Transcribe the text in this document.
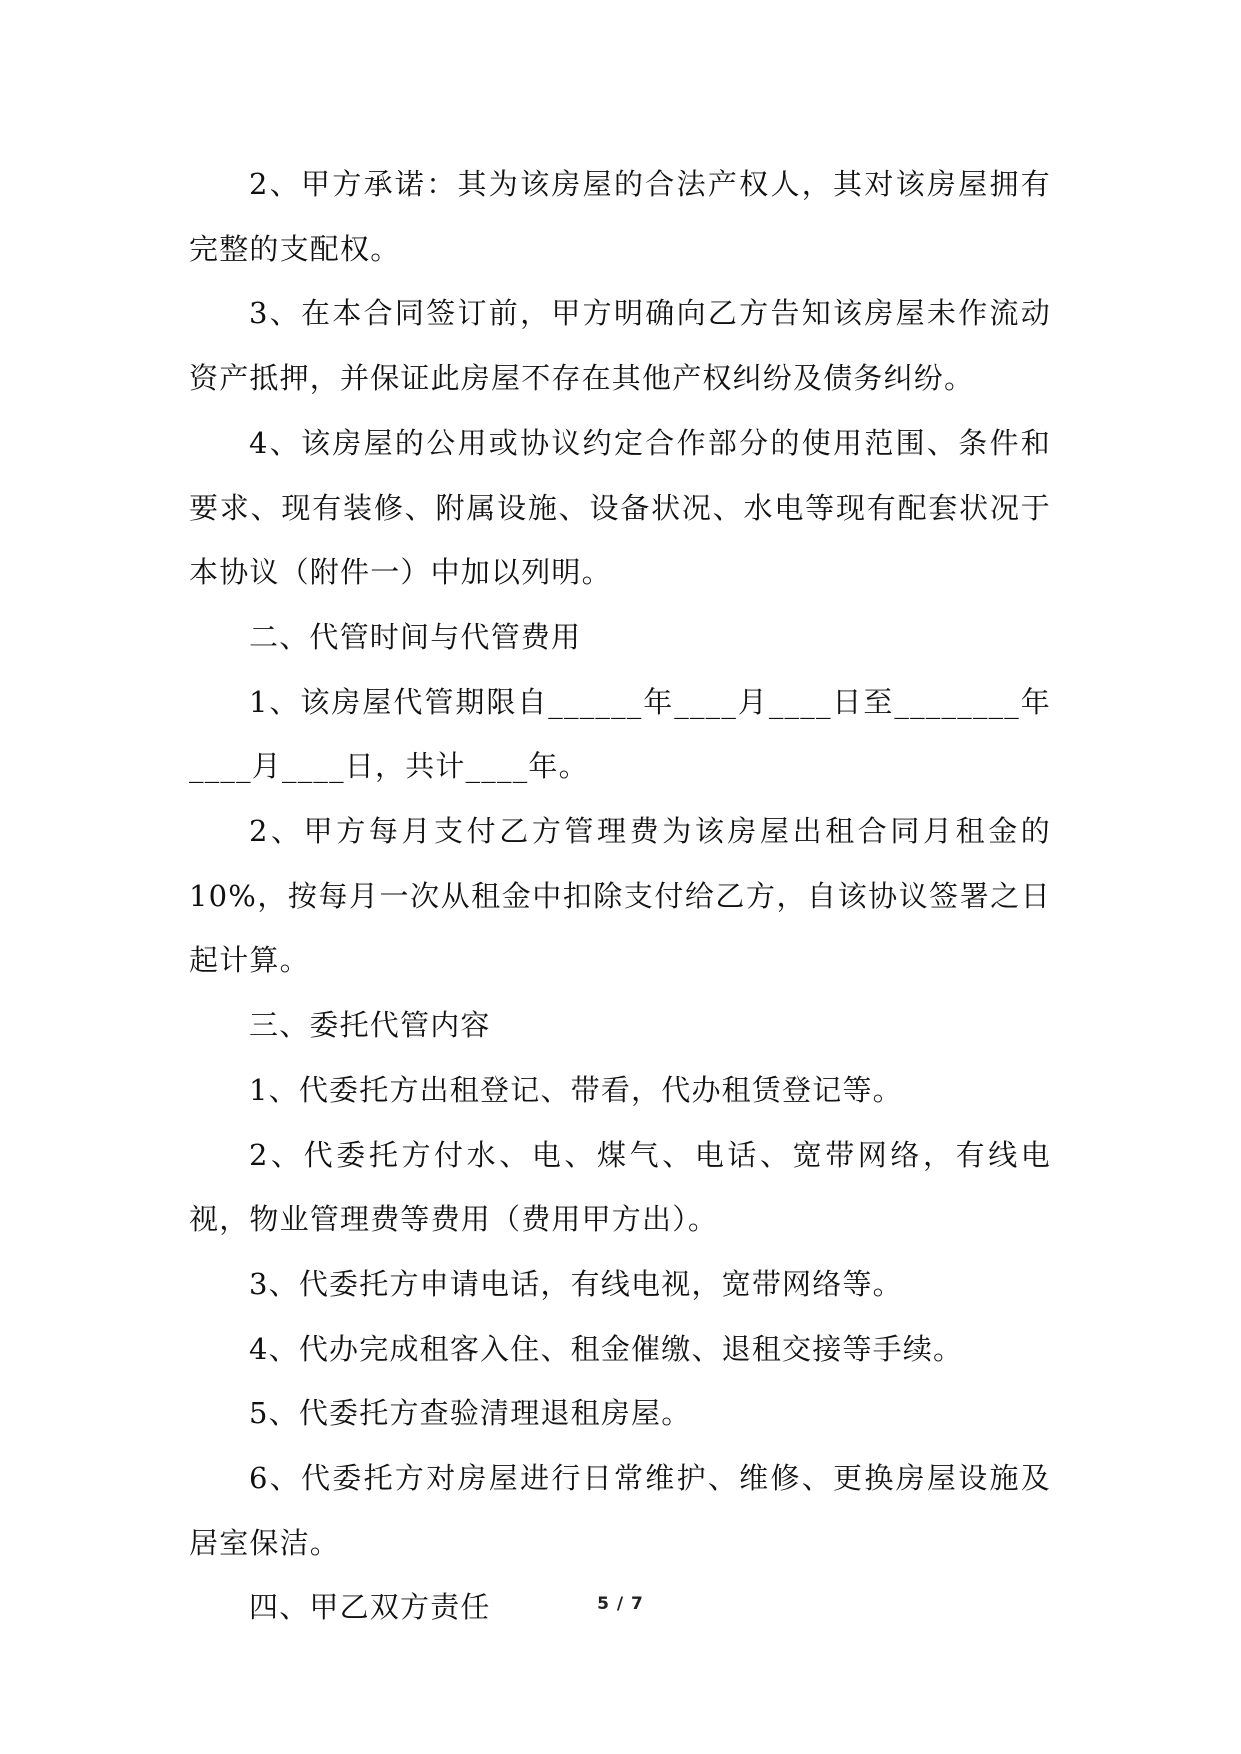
2、甲方承诺：其为该房屋的合法产权人，其对该房屋拥有完整的支配权。

3、在本合同签订前，甲方明确向乙方告知该房屋未作流动资产抵押，并保证此房屋不存在其他产权纠纷及债务纠纷。

4、该房屋的公用或协议约定合作部分的使用范围、条件和要求、现有装修、附属设施、设备状况、水电等现有配套状况于本协议（附件一）中加以列明。

二、代管时间与代管费用

1、该房屋代管期限自______年____月____日至________年____月____日，共计____年。

2、甲方每月支付乙方管理费为该房屋出租合同月租金的10%，按每月一次从租金中扣除支付给乙方，自该协议签署之日起计算。

三、委托代管内容

1、代委托方出租登记、带看，代办租赁登记等。

2、代委托方付水、电、煤气、电话、宽带网络，有线电视，物业管理费等费用（费用甲方出）。

3、代委托方申请电话，有线电视，宽带网络等。

4、代办完成租客入住、租金催缴、退租交接等手续。

5、代委托方查验清理退租房屋。

6、代委托方对房屋进行日常维护、维修、更换房屋设施及居室保洁。

四、甲乙双方责任	5 / 7
